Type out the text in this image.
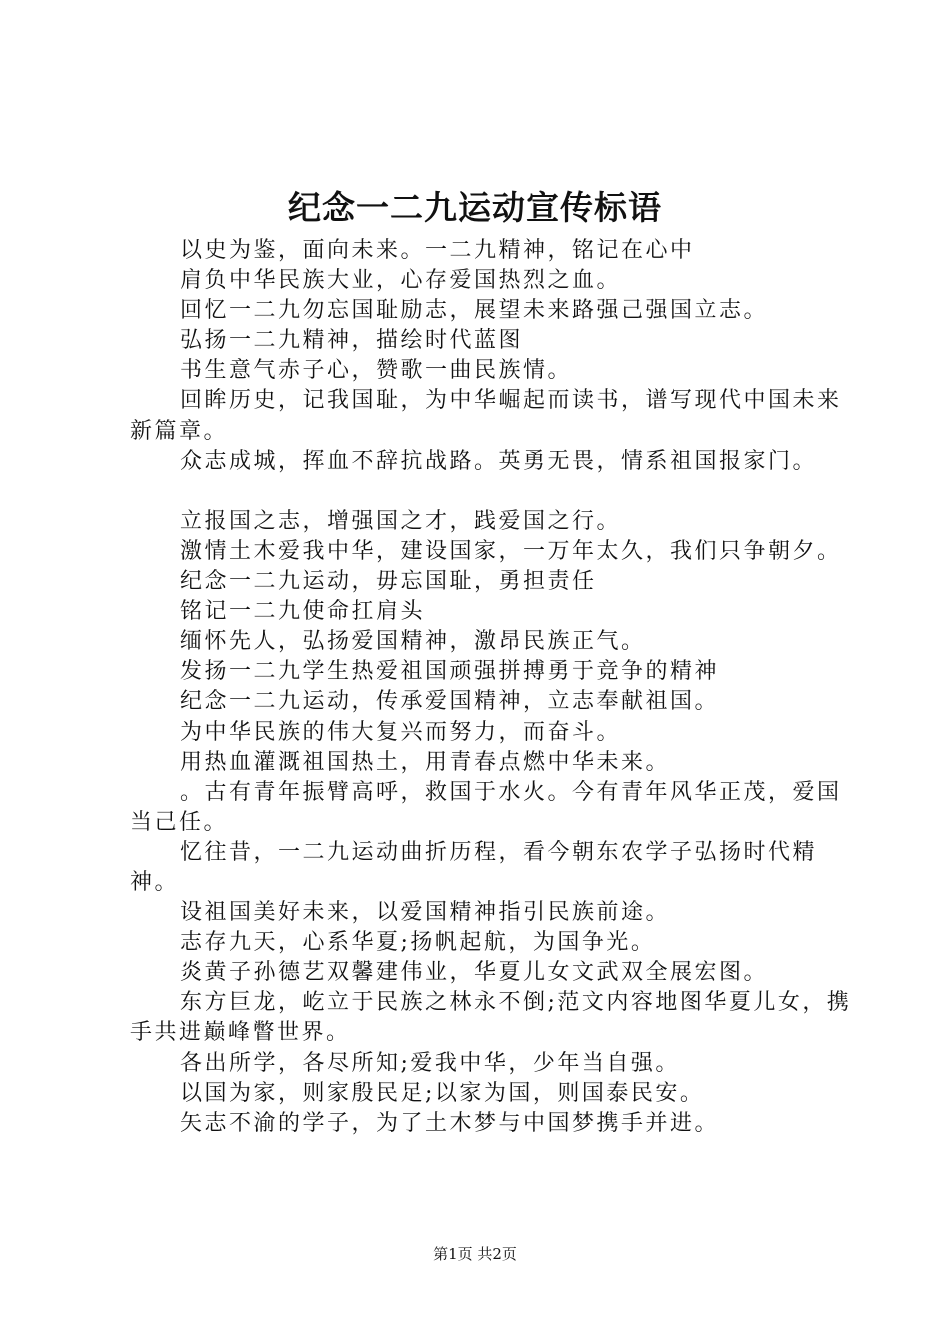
纪念一二九运动宣传标语

以史为鉴，面向未来。一二九精神，铭记在心中

肩负中华民族大业，心存爱国热烈之血。

回忆一二九勿忘国耻励志，展望未来路强己强国立志。

弘扬一二九精神，描绘时代蓝图

书生意气赤子心，赞歌一曲民族情。

回眸历史，记我国耻，为中华崛起而读书，谱写现代中国未来新篇章。

众志成城，挥血不辞抗战路。英勇无畏，情系祖国报家门。

立报国之志，增强国之才，践爱国之行。

激情土木爱我中华，建设国家，一万年太久，我们只争朝夕。

纪念一二九运动，毋忘国耻，勇担责任

铭记一二九使命扛肩头

缅怀先人，弘扬爱国精神，激昂民族正气。

发扬一二九学生热爱祖国顽强拼搏勇于竞争的精神

纪念一二九运动，传承爱国精神，立志奉献祖国。

为中华民族的伟大复兴而努力，而奋斗。

用热血灌溉祖国热土，用青春点燃中华未来。

。古有青年振臂高呼，救国于水火。今有青年风华正茂，爱国当己任。

忆往昔，一二九运动曲折历程，看今朝东农学子弘扬时代精神。

设祖国美好未来，以爱国精神指引民族前途。

志存九天，心系华夏;扬帆起航，为国争光。

炎黄子孙德艺双馨建伟业，华夏儿女文武双全展宏图。

东方巨龙，屹立于民族之林永不倒;范文内容地图华夏儿女，携手共进巅峰瞥世界。

各出所学，各尽所知;爱我中华，少年当自强。

以国为家，则家殷民足;以家为国，则国泰民安。

矢志不渝的学子，为了土木梦与中国梦携手并进。

第1页 共2页
